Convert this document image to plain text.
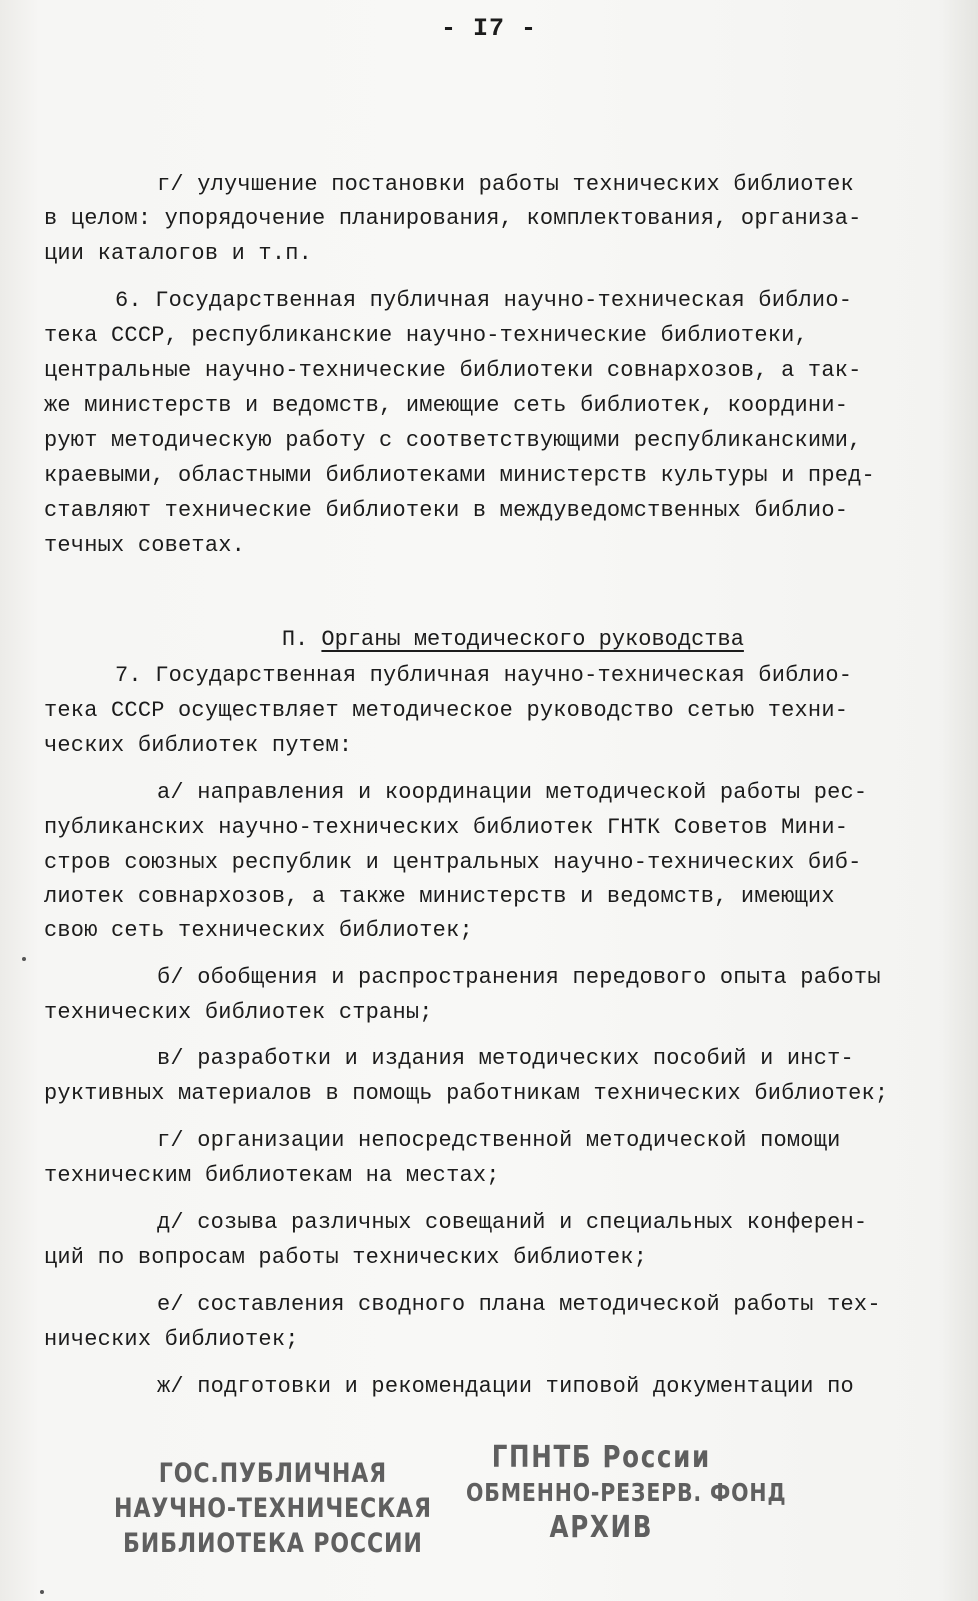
- I7 -
г/ улучшение постановки работы технических библиотек
в целом: упорядочение планирования, комплектования, организа-
ции каталогов и т.п.
6. Государственная публичная научно-техническая библио-
тека СССР, республиканские научно-технические библиотеки,
центральные научно-технические библиотеки совнархозов, а так-
же министерств и ведомств, имеющие сеть библиотек, координи-
руют методическую работу с соответствующими республиканскими,
краевыми, областными библиотеками министерств культуры и пред-
ставляют технические библиотеки в междуведомственных библио-
течных советах.

П. Органы методического руководства

7. Государственная публичная научно-техническая библио-
тека СССР осуществляет методическое руководство сетью техни-
ческих библиотек путем:
а/ направления и координации методической работы рес-
публиканских научно-технических библиотек ГНТК Советов Мини-
стров союзных республик и центральных научно-технических биб-
лиотек совнархозов, а также министерств и ведомств, имеющих
свою сеть технических библиотек;
б/ обобщения и распространения передового опыта работы
технических библиотек страны;
в/ разработки и издания методических пособий и инст-
руктивных материалов в помощь работникам технических библиотек;
г/ организации непосредственной методической помощи
техническим библиотекам на местах;
д/ созыва различных совещаний и специальных конферен-
ций по вопросам работы технических библиотек;
е/ составления сводного плана методической работы тех-
нических библиотек;
ж/ подготовки и рекомендации типовой документации по
ГОС.ПУБЛИЧНАЯ
НАУЧНО-ТЕХНИЧЕСКАЯ
БИБЛИОТЕКА РОССИИ
ГПНТБ России
ОБМЕННО-РЕЗЕРВ. ФОНД
АРХИВ
